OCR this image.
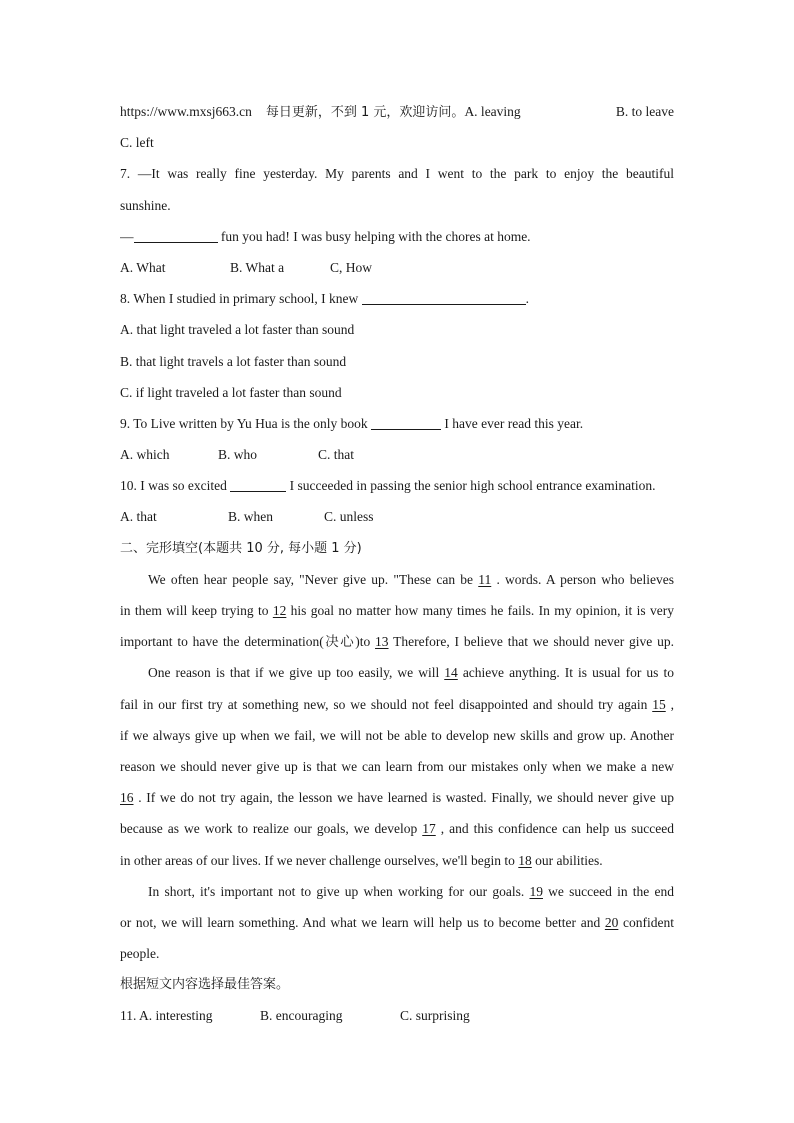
https://www.mxsj663.cn 每日更新，不到 1 元，欢迎访问。A. leaving	B. to leave
C. left
7. —It was really fine yesterday. My parents and I went to the park to enjoy the beautiful
sunshine.
—	fun you had! I was busy helping with the chores at home.
A. What	B. What a	C, How
8. When I studied in primary school, I knew	.
A. that light traveled a lot faster than sound
B. that light travels a lot faster than sound
C. if light traveled a lot faster than sound
9. To Live written by Yu Hua is the only book	I have ever read this year.
A. which	B. who	C. that
10. I was so excited	I succeeded in passing the senior high school entrance examination.
A. that	B. when	C. unless
二、完形填空(本题共 10 分, 每小题 1 分)
We often hear people say, "Never give up. "These can be 11 . words. A person who believes
in them will keep trying to 12 his goal no matter how many times he fails. In my opinion, it is very
important to have the determination(决心)to 13 Therefore, I believe that we should never give up.
One reason is that if we give up too easily, we will 14 achieve anything. It is usual for us to
fail in our first try at something new, so we should not feel disappointed and should try again 15 ,
if we always give up when we fail, we will not be able to develop new skills and grow up. Another
reason we should never give up is that we can learn from our mistakes only when we make a new
16 . If we do not try again, the lesson we have learned is wasted. Finally, we should never give up
because as we work to realize our goals, we develop 17 , and this confidence can help us succeed
in other areas of our lives. If we never challenge ourselves, we'll begin to 18 our abilities.
In short, it's important not to give up when working for our goals. 19 we succeed in the end
or not, we will learn something. And what we learn will help us to become better and 20 confident
people.
根据短文内容选择最佳答案。
11. A. interesting	B. encouraging	C. surprising
